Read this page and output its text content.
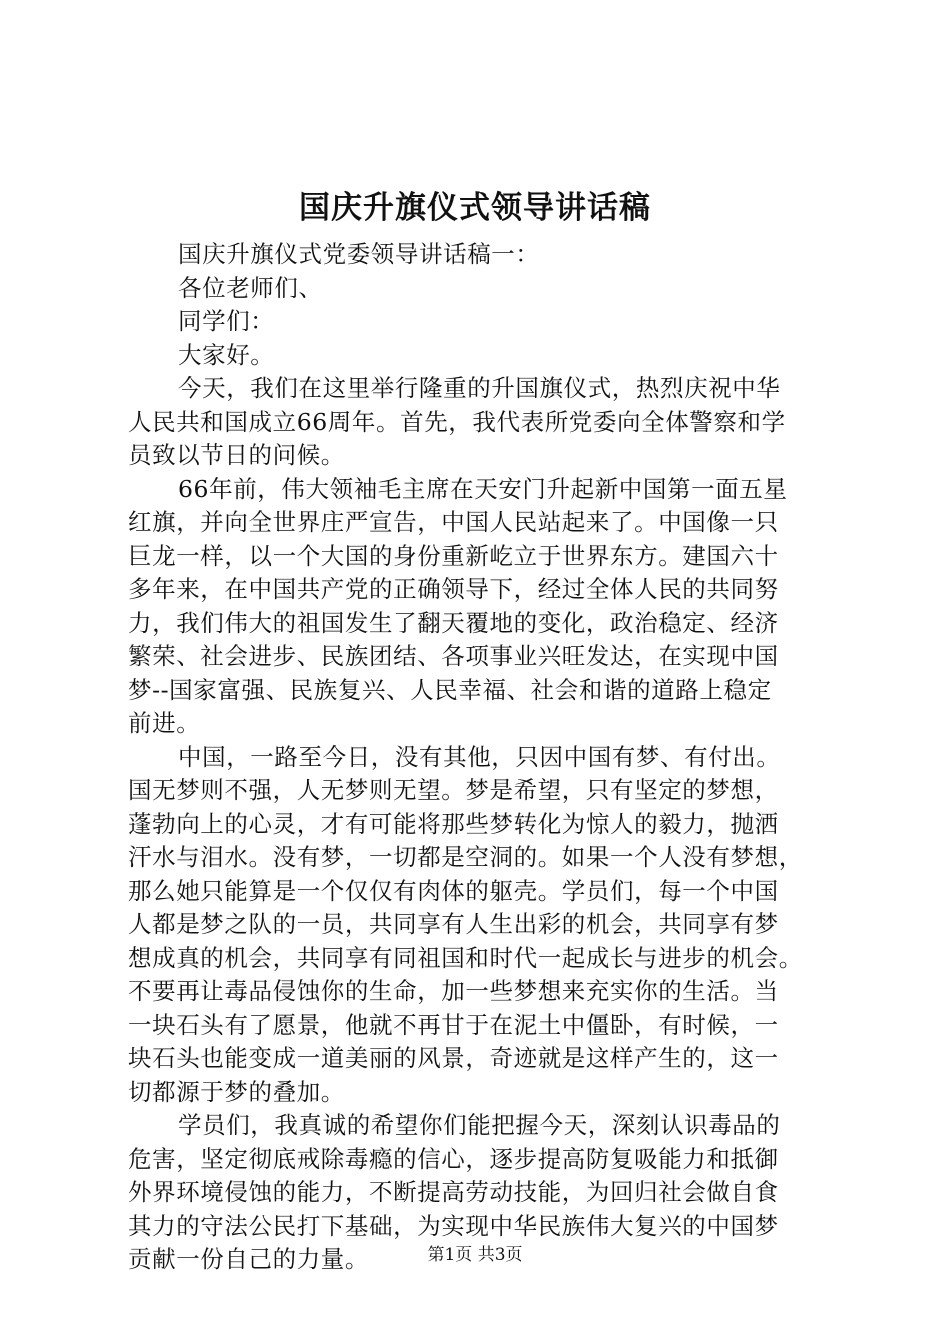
国庆升旗仪式领导讲话稿
国庆升旗仪式党委领导讲话稿一：
各位老师们、
同学们：
大家好。
今天，我们在这里举行隆重的升国旗仪式，热烈庆祝中华
人民共和国成立66周年。首先，我代表所党委向全体警察和学
员致以节日的问候。
66年前，伟大领袖毛主席在天安门升起新中国第一面五星
红旗，并向全世界庄严宣告，中国人民站起来了。中国像一只
巨龙一样，以一个大国的身份重新屹立于世界东方。建国六十
多年来，在中国共产党的正确领导下，经过全体人民的共同努
力，我们伟大的祖国发生了翻天覆地的变化，政治稳定、经济
繁荣、社会进步、民族团结、各项事业兴旺发达，在实现中国
梦--国家富强、民族复兴、人民幸福、社会和谐的道路上稳定
前进。
中国，一路至今日，没有其他，只因中国有梦、有付出。
国无梦则不强，人无梦则无望。梦是希望，只有坚定的梦想，
蓬勃向上的心灵，才有可能将那些梦转化为惊人的毅力，抛洒
汗水与泪水。没有梦，一切都是空洞的。如果一个人没有梦想，
那么她只能算是一个仅仅有肉体的躯壳。学员们，每一个中国
人都是梦之队的一员，共同享有人生出彩的机会，共同享有梦
想成真的机会，共同享有同祖国和时代一起成长与进步的机会。
不要再让毒品侵蚀你的生命，加一些梦想来充实你的生活。当
一块石头有了愿景，他就不再甘于在泥土中僵卧，有时候，一
块石头也能变成一道美丽的风景，奇迹就是这样产生的，这一
切都源于梦的叠加。
学员们，我真诚的希望你们能把握今天，深刻认识毒品的
危害，坚定彻底戒除毒瘾的信心，逐步提高防复吸能力和抵御
外界环境侵蚀的能力，不断提高劳动技能，为回归社会做自食
其力的守法公民打下基础，为实现中华民族伟大复兴的中国梦
贡献一份自己的力量。	第1页 共3页
